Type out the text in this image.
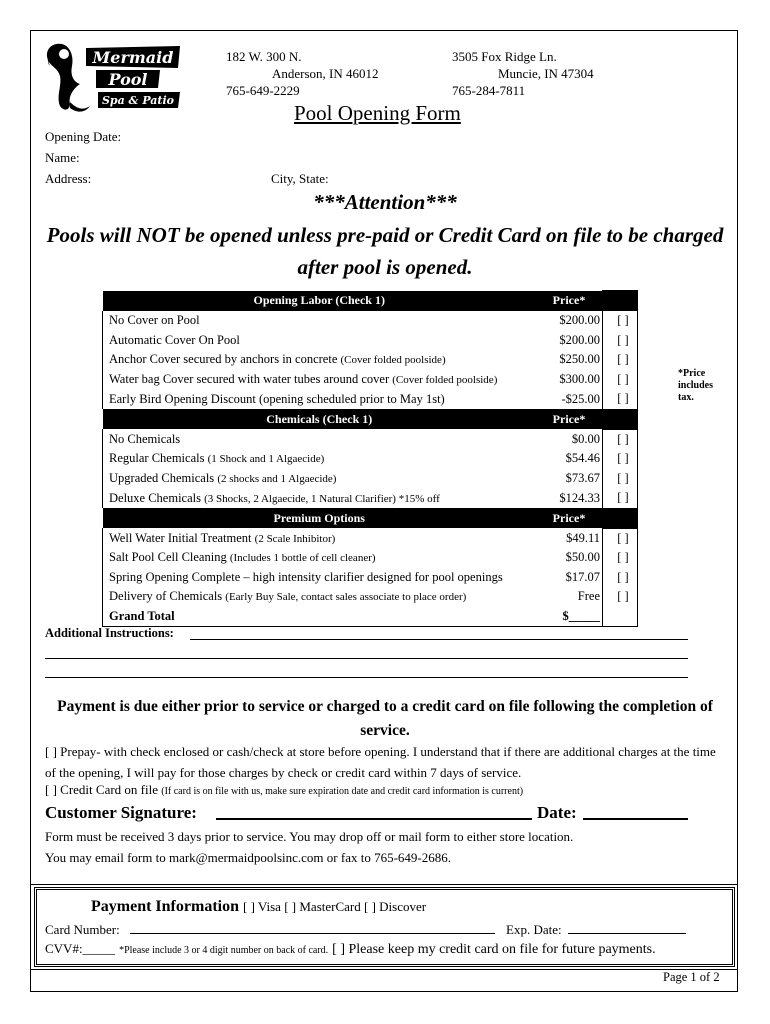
Mermaid
Pool
Spa & Patio
182 W. 300 N.
Anderson, IN 46012
765-649-2229
3505 Fox Ridge Ln.
Muncie, IN 47304
765-284-7811
Pool Opening Form
Opening Date:
Name:
Address:	City, State:
***Attention***
Pools will NOT be opened unless pre-paid or Credit Card on file to be charged after pool is opened.
Opening Labor (Check 1)	Price*	
No Cover on Pool	$200.00	[ ]
Automatic Cover On Pool	$200.00	[ ]
Anchor Cover secured by anchors in concrete (Cover folded poolside)	$250.00	[ ]
Water bag Cover secured with water tubes around cover (Cover folded poolside)	$300.00	[ ]
Early Bird Opening Discount (opening scheduled prior to May 1st)	-$25.00	[ ]
Chemicals (Check 1)	Price*	
No Chemicals	$0.00	[ ]
Regular Chemicals (1 Shock and 1 Algaecide)	$54.46	[ ]
Upgraded Chemicals (2 shocks and 1 Algaecide)	$73.67	[ ]
Deluxe Chemicals (3 Shocks, 2 Algaecide, 1 Natural Clarifier) *15% off	$124.33	[ ]
Premium Options	Price*	
Well Water Initial Treatment (2 Scale Inhibitor)	$49.11	[ ]
Salt Pool Cell Cleaning (Includes 1 bottle of cell cleaner)	$50.00	[ ]
Spring Opening Complete – high intensity clarifier designed for pool openings	$17.07	[ ]
Delivery of Chemicals (Early Buy Sale, contact sales associate to place order)	Free	[ ]
Grand Total	$_____	
*Price includes tax.
Additional Instructions:
Payment is due either prior to service or charged to a credit card on file following the completion of service.
[ ] Prepay- with check enclosed or cash/check at store before opening. I understand that if there are additional charges at the time of the opening, I will pay for those charges by check or credit card within 7 days of service.
[ ] Credit Card on file (If card is on file with us, make sure expiration date and credit card information is current)
Customer Signature:	Date:
Form must be received 3 days prior to service. You may drop off or mail form to either store location.
You may email form to mark@mermaidpoolsinc.com or fax to 765-649-2686.
Payment Information [ ] Visa [ ] MasterCard [ ] Discover
Card Number:	Exp. Date:
CVV#:_____ *Please include 3 or 4 digit number on back of card. [ ] Please keep my credit card on file for future payments.
Page 1 of 2
